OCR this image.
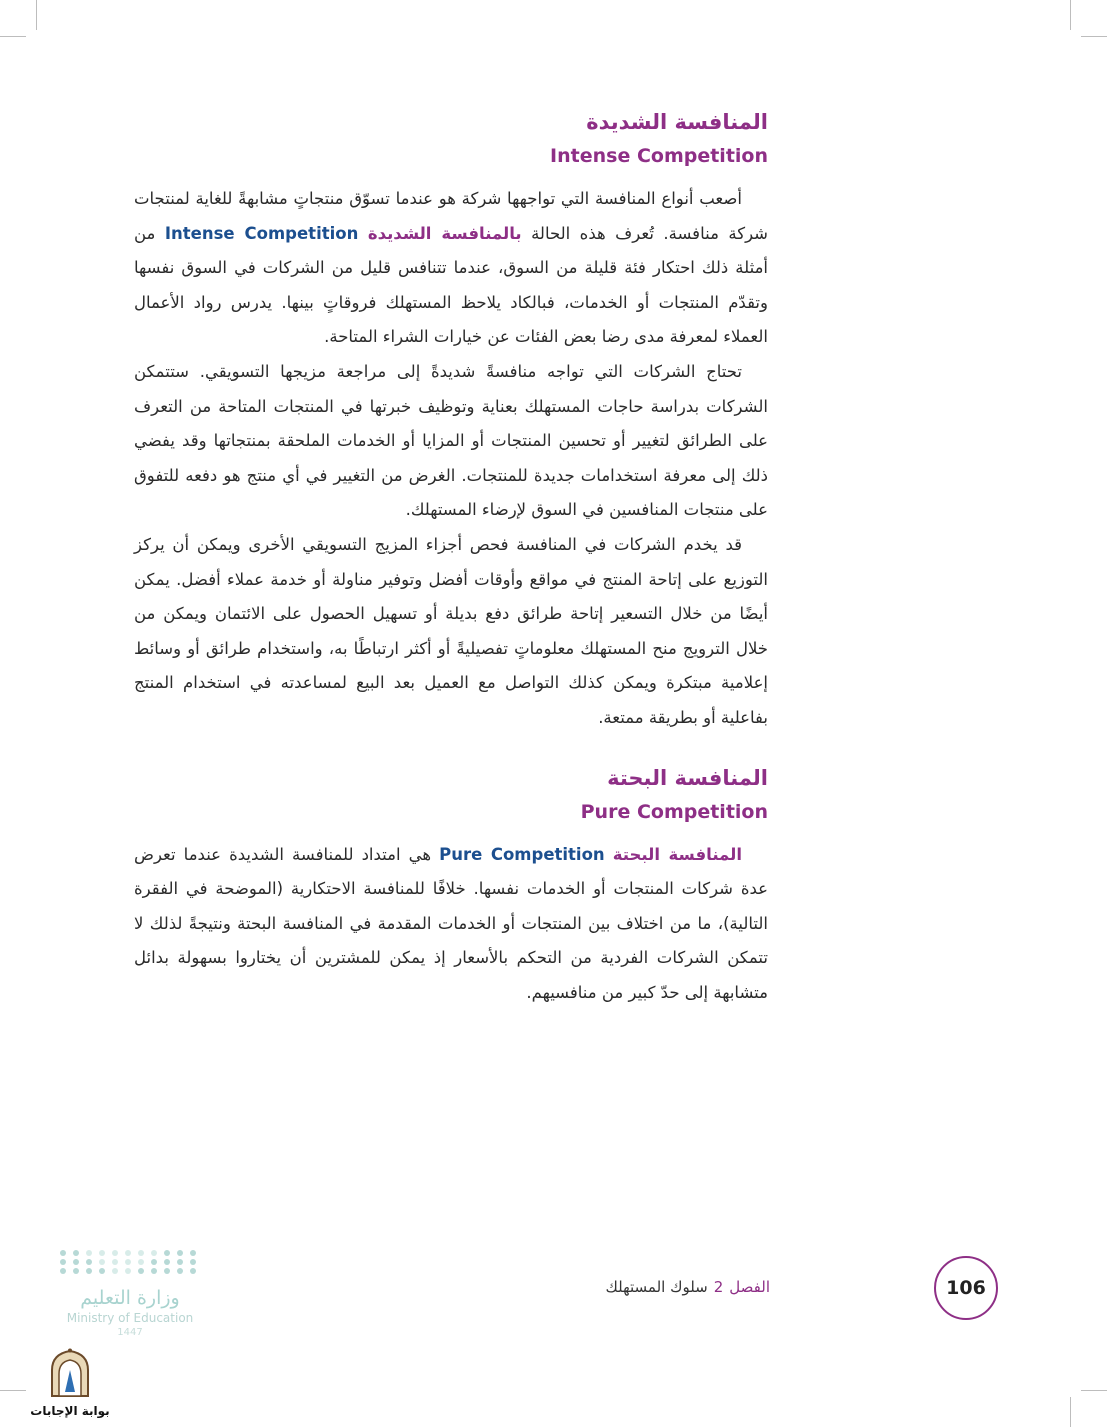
المنافسة الشديدة
Intense Competition

أصعب أنواع المنافسة التي تواجهها شركة هو عندما تسوّق منتجاتٍ مشابهةً للغاية لمنتجات شركة منافسة. تُعرف هذه الحالة بالمنافسة الشديدة Intense Competition من أمثلة ذلك احتكار فئة قليلة من السوق، عندما تتنافس قليل من الشركات في السوق نفسها وتقدّم المنتجات أو الخدمات، فبالكاد يلاحظ المستهلك فروقاتٍ بينها. يدرس رواد الأعمال العملاء لمعرفة مدى رضا بعض الفئات عن خيارات الشراء المتاحة.

تحتاج الشركات التي تواجه منافسةً شديدةً إلى مراجعة مزيجها التسويقي. ستتمكن الشركات بدراسة حاجات المستهلك بعناية وتوظيف خبرتها في المنتجات المتاحة من التعرف على الطرائق لتغيير أو تحسين المنتجات أو المزايا أو الخدمات الملحقة بمنتجاتها وقد يفضي ذلك إلى معرفة استخدامات جديدة للمنتجات. الغرض من التغيير في أي منتج هو دفعه للتفوق على منتجات المنافسين في السوق لإرضاء المستهلك.

قد يخدم الشركات في المنافسة فحص أجزاء المزيج التسويقي الأخرى ويمكن أن يركز التوزيع على إتاحة المنتج في مواقع وأوقات أفضل وتوفير مناولة أو خدمة عملاء أفضل. يمكن أيضًا من خلال التسعير إتاحة طرائق دفع بديلة أو تسهيل الحصول على الائتمان ويمكن من خلال الترويج منح المستهلك معلوماتٍ تفصيليةً أو أكثر ارتباطًا به، واستخدام طرائق أو وسائط إعلامية مبتكرة ويمكن كذلك التواصل مع العميل بعد البيع لمساعدته في استخدام المنتج بفاعلية أو بطريقة ممتعة.

المنافسة البحتة
Pure Competition

المنافسة البحتة Pure Competition هي امتداد للمنافسة الشديدة عندما تعرض عدة شركات المنتجات أو الخدمات نفسها. خلافًا للمنافسة الاحتكارية (الموضحة في الفقرة التالية)، ما من اختلاف بين المنتجات أو الخدمات المقدمة في المنافسة البحتة ونتيجةً لذلك لا تتمكن الشركات الفردية من التحكم بالأسعار إذ يمكن للمشترين أن يختاروا بسهولة بدائل متشابهة إلى حدّ كبير من منافسيهم.

106
الفصل2سلوك المستهلك
وزارة التعليم
Ministry of Education
1447
بوابة الإجابات
